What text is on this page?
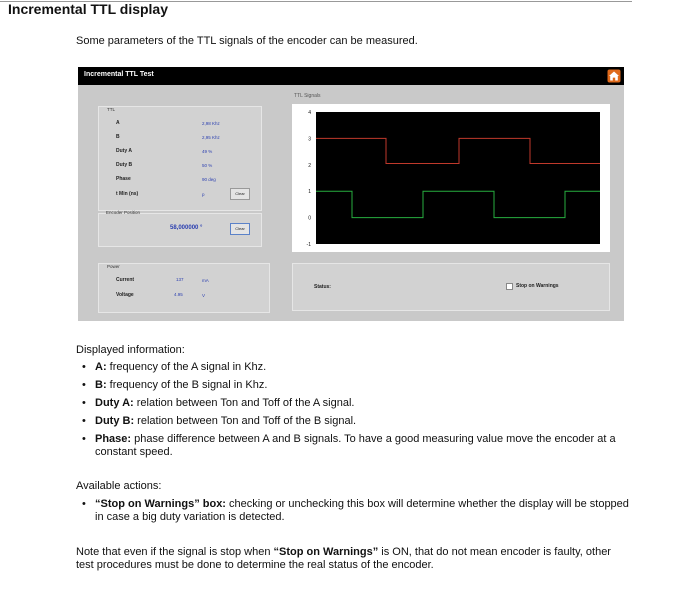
Incremental TTL display
Some parameters of the TTL signals of the encoder can be measured.
Incremental TTL Test
TTL
A	2,98 Khz
B	2,95 Khz
Duty A	49 %
Duty B	50 %
Phase	90 deg
t Min (ns)	p	Clear
Encoder Position
58,000000 °	Clear
TTL Signals
4
3
2
1
0
-1
Power
Current	137	mA
Voltage	4.95	V
Status:	Stop on Warnings
Displayed information:
• A: frequency of the A signal in Khz.
• B: frequency of the B signal in Khz.
• Duty A: relation between Ton and Toff of the A signal.
• Duty B: relation between Ton and Toff of the B signal.
• Phase: phase difference between A and B signals. To have a good measuring value move the encoder at a constant speed.
Available actions:
• “Stop on Warnings” box: checking or unchecking this box will determine whether the display will be stopped in case a big duty variation is detected.
Note that even if the signal is stop when “Stop on Warnings” is ON, that do not mean encoder is faulty, other test procedures must be done to determine the real status of the encoder.
